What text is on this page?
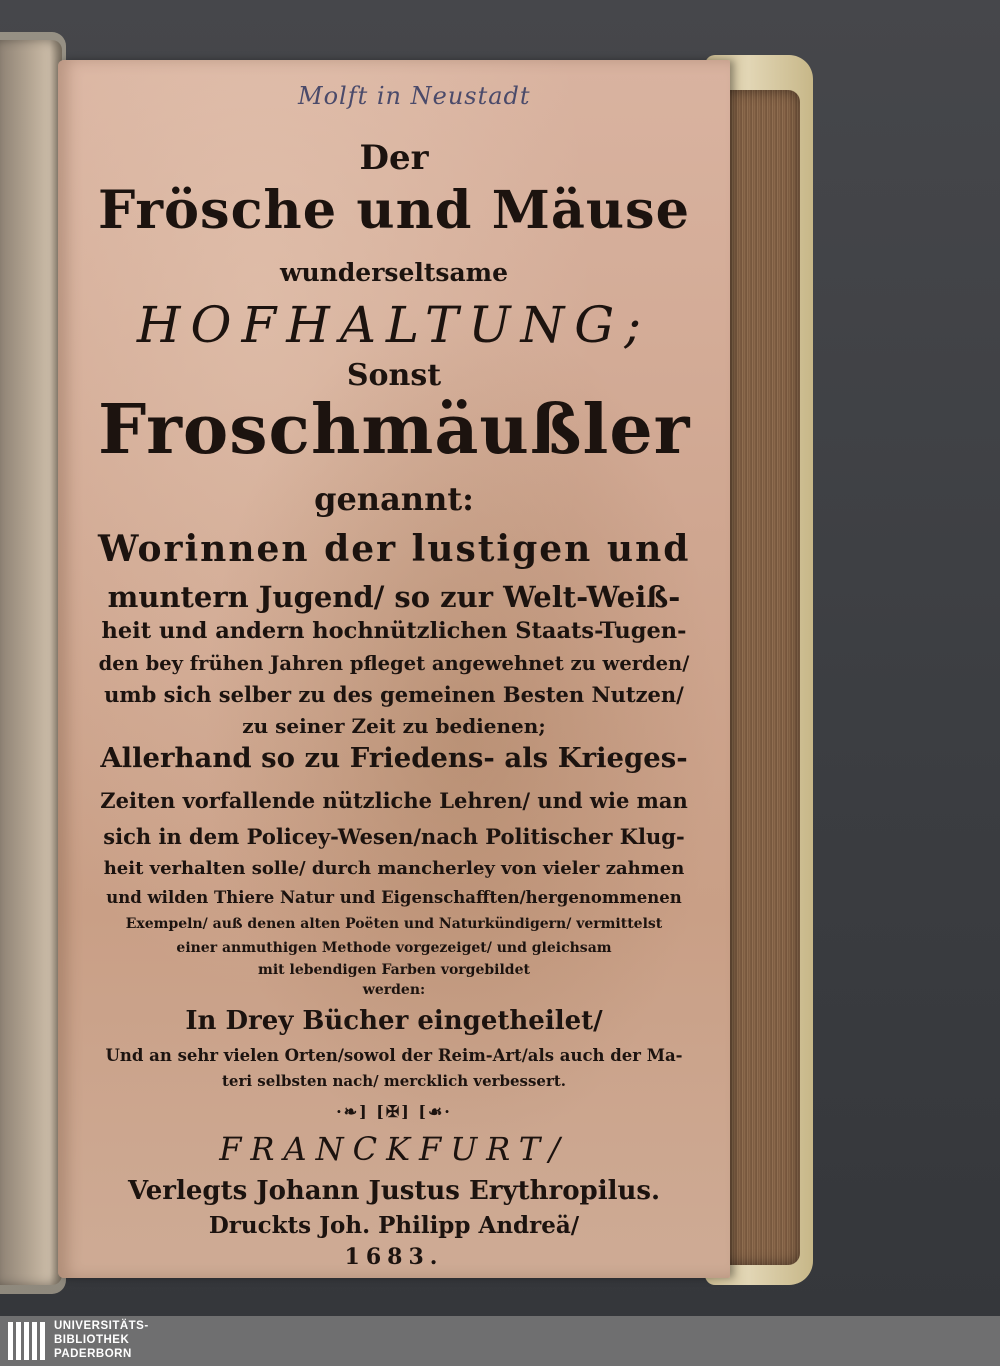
Molft in Neustadt
Der
Frösche und Mäuse
wunderseltsame
HOFHALTUNG;
Sonst
Froschmäußler
genannt:
Worinnen der lustigen und
muntern Jugend/ so zur Welt-Weiß-
heit und andern hochnützlichen Staats-Tugen-
den bey frühen Jahren pfleget angewehnet zu werden/
umb sich selber zu des gemeinen Besten Nutzen/
zu seiner Zeit zu bedienen;
Allerhand so zu Friedens- als Krieges-
Zeiten vorfallende nützliche Lehren/ und wie man
sich in dem Policey-Wesen/nach Politischer Klug-
heit verhalten solle/ durch mancherley von vieler zahmen
und wilden Thiere Natur und Eigenschafften/hergenommenen
Exempeln/ auß denen alten Poëten und Naturkündigern/ vermittelst
einer anmuthigen Methode vorgezeiget/ und gleichsam
mit lebendigen Farben vorgebildet
werden:
In Drey Bücher eingetheilet/
Und an sehr vielen Orten/sowol der Reim-Art/als auch der Ma-
teri selbsten nach/ mercklich verbessert.
·❧] [✠] [☙·
FRANCKFURT/
Verlegts Johann Justus Erythropilus.
Druckts Joh. Philipp Andreä/
1683.
UNIVERSITÄTS-
BIBLIOTHEK
PADERBORN
